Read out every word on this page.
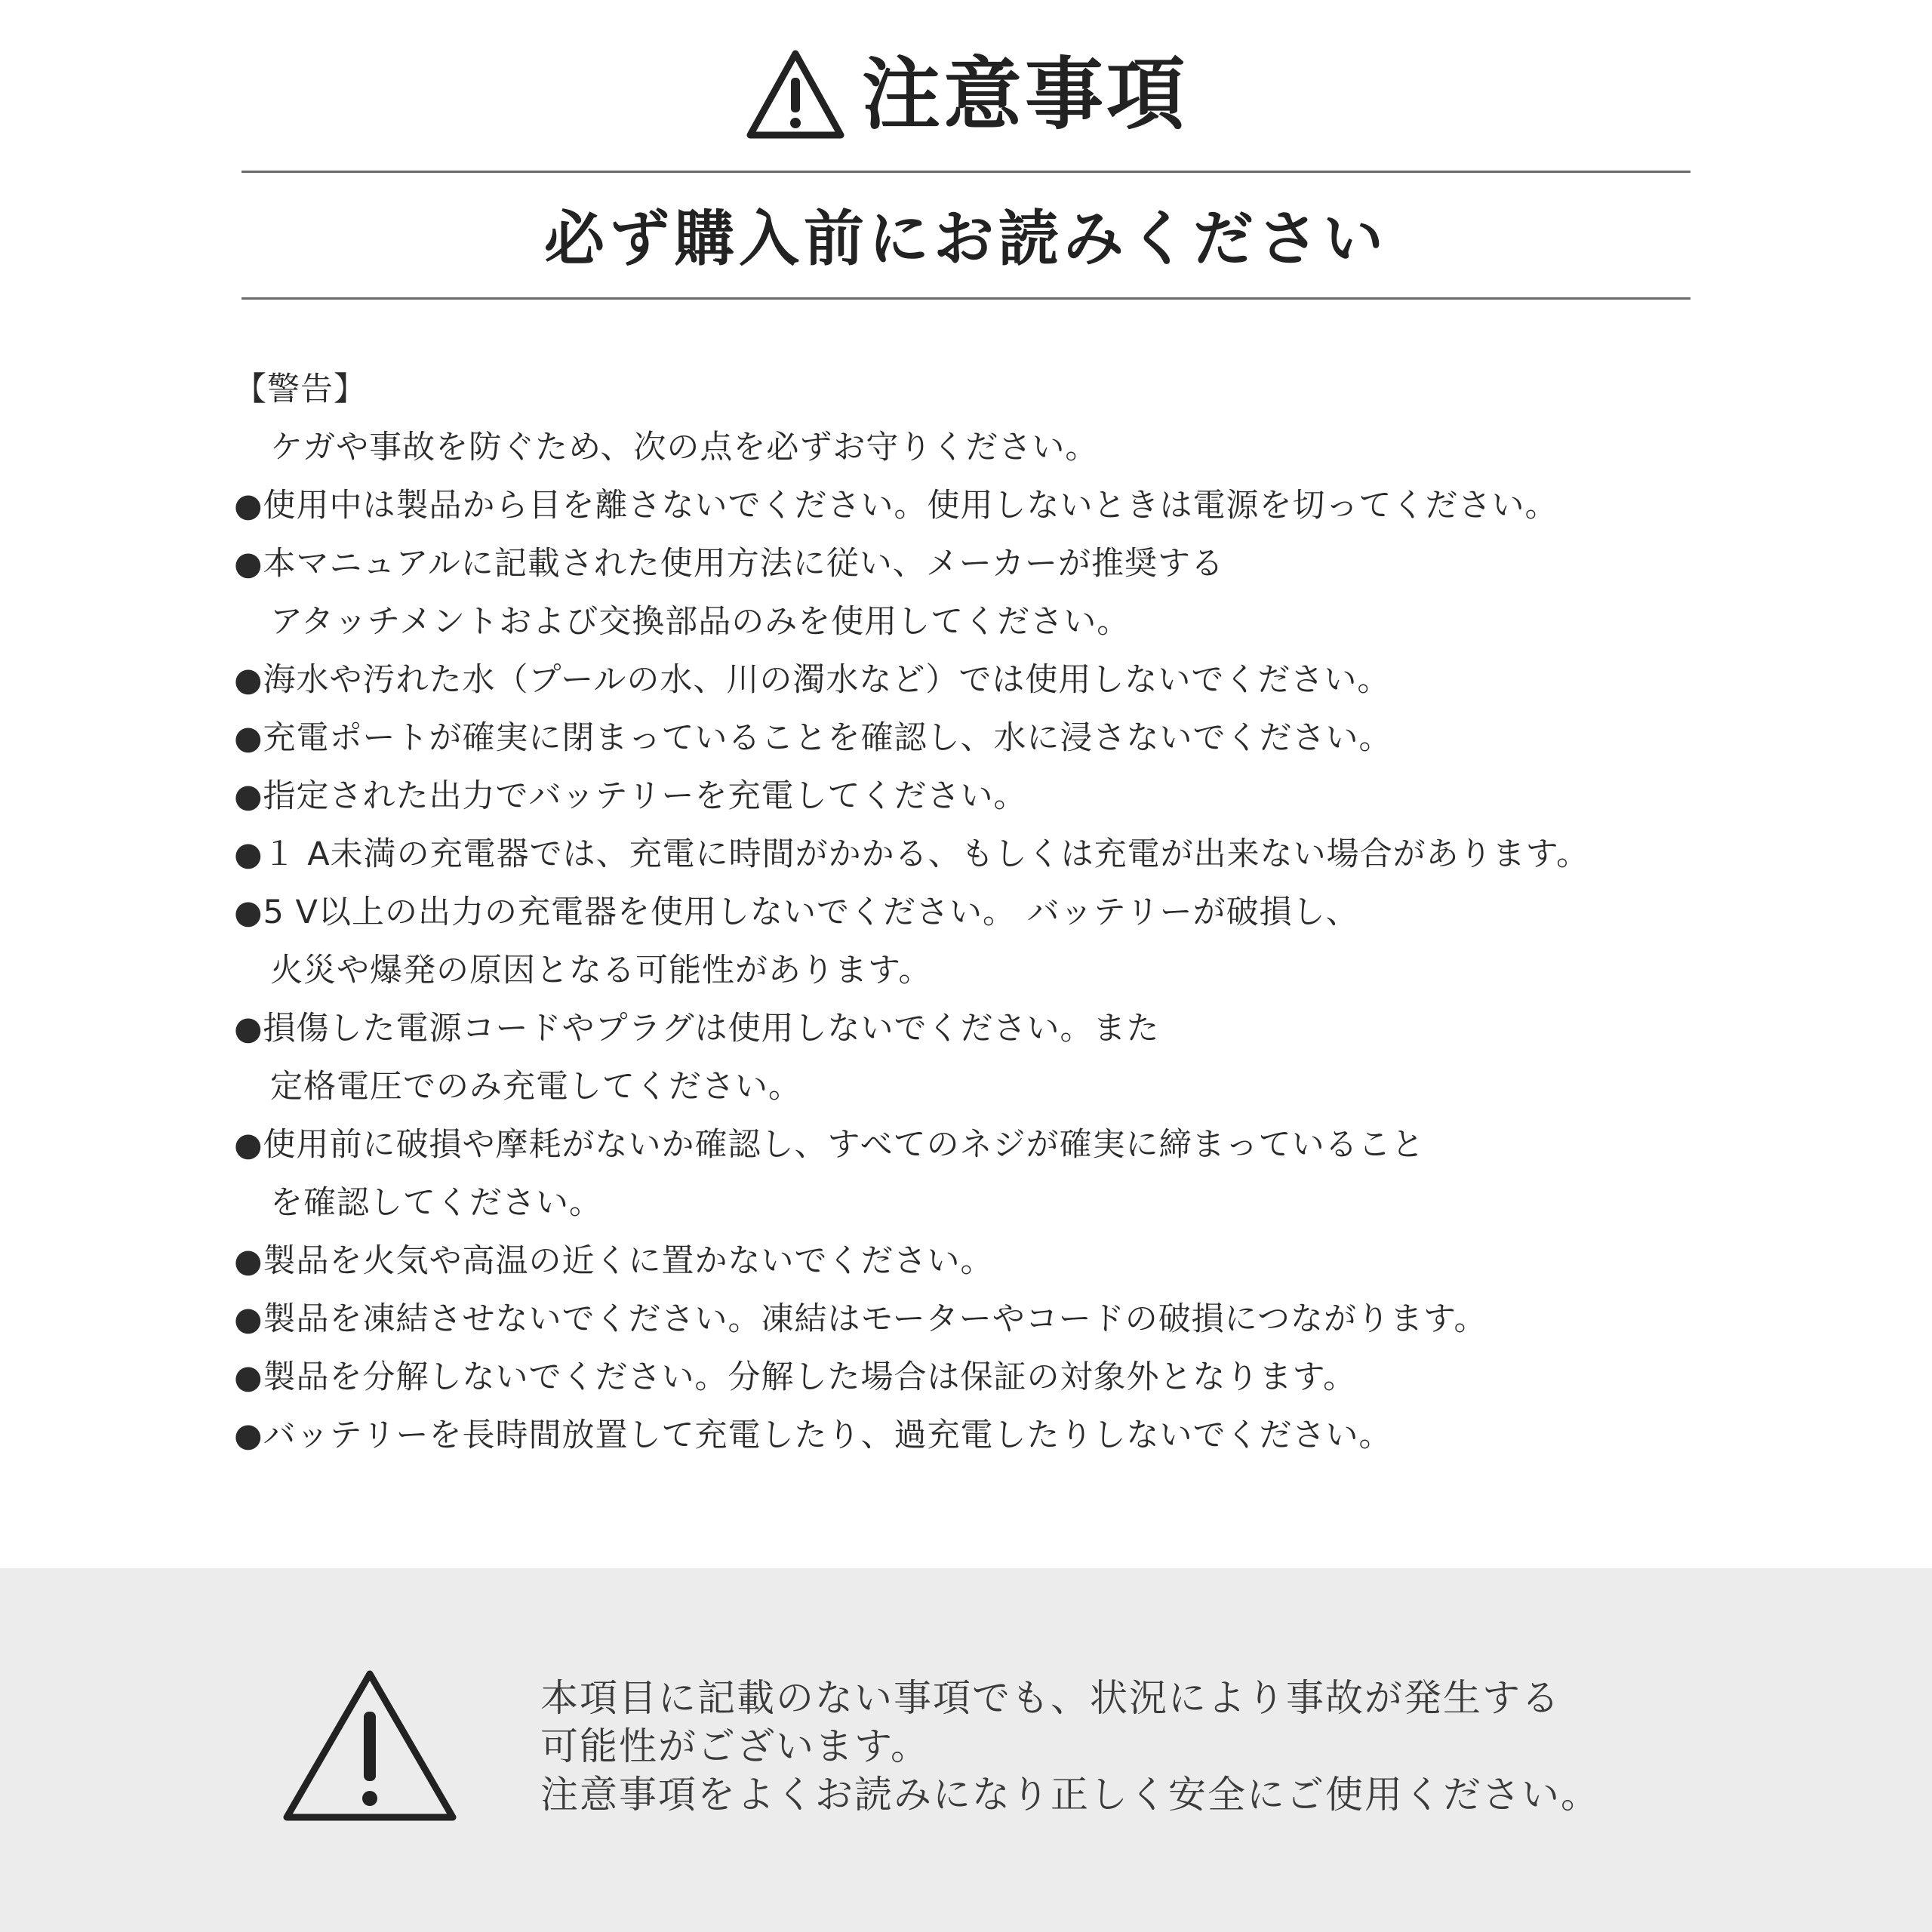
注意事項
必ず購入前にお読みください
【警告】
ケガや事故を防ぐため、次の点を必ずお守りください。
●使用中は製品から目を離さないでください。使用しないときは電源を切ってください。
●本マニュアルに記載された使用方法に従い、メーカーが推奨する
アタッチメントおよび交換部品のみを使用してください。
●海水や汚れた水（プールの水、川の濁水など）では使用しないでください。
●充電ポートが確実に閉まっていることを確認し、水に浸さないでください。
●指定された出力でバッテリーを充電してください。
●１ A未満の充電器では、充電に時間がかかる、もしくは充電が出来ない場合があります。
●5 V以上の出力の充電器を使用しないでください。 バッテリーが破損し、
火災や爆発の原因となる可能性があります。
●損傷した電源コードやプラグは使用しないでください。また
定格電圧でのみ充電してください。
●使用前に破損や摩耗がないか確認し、すべてのネジが確実に締まっていること
を確認してください。
●製品を火気や高温の近くに置かないでください。
●製品を凍結させないでください。凍結はモーターやコードの破損につながります。
●製品を分解しないでください。分解した場合は保証の対象外となります。
●バッテリーを長時間放置して充電したり、過充電したりしないでください。
本項目に記載のない事項でも、状況により事故が発生する
可能性がございます。
注意事項をよくお読みになり正しく安全にご使用ください。
